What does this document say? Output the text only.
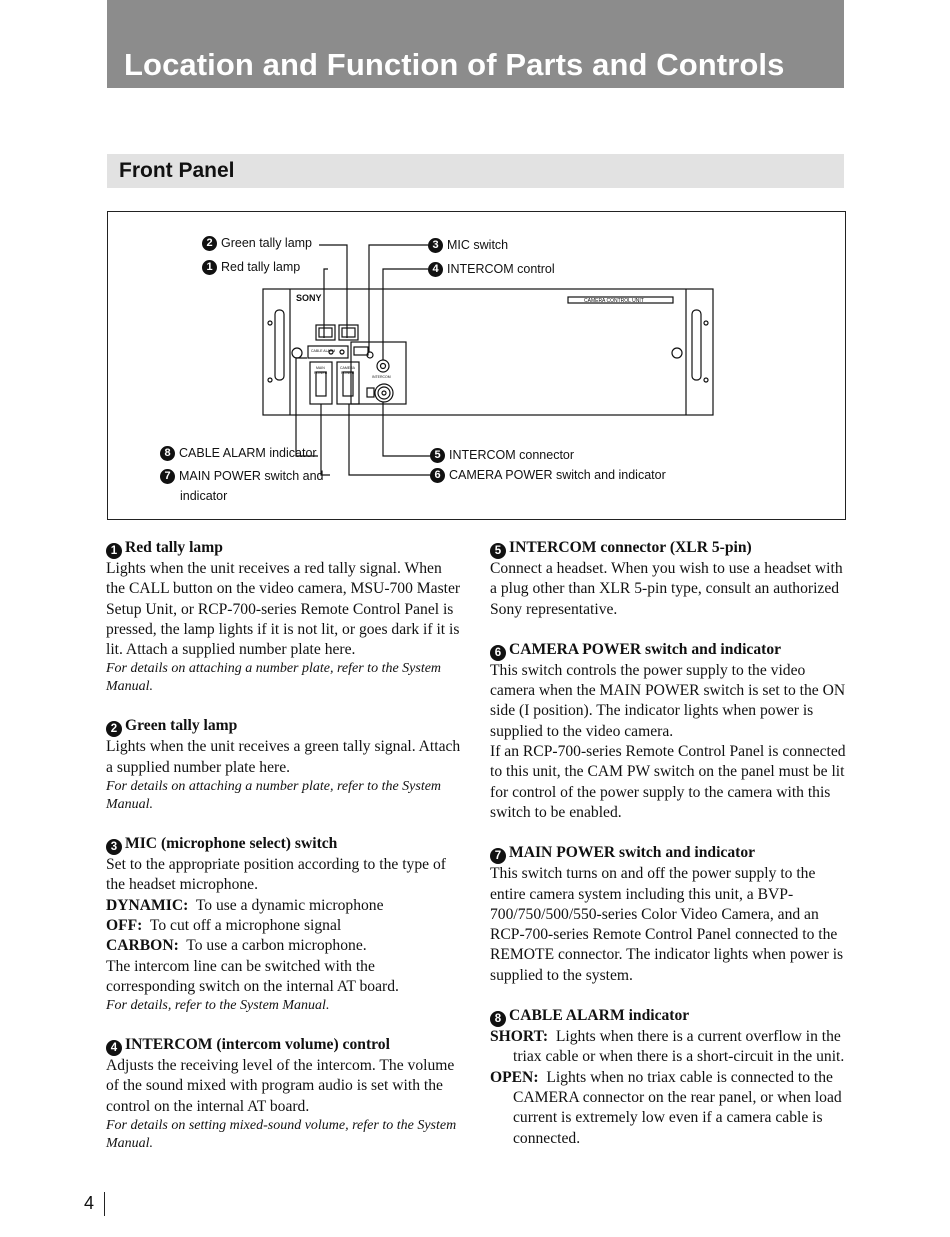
Location and Function of Parts and Controls
Front Panel
SONY	CAMERA CONTROL UNIT
CABLE ALARM
MAIN
POWER
CAMERA
POWER
INTERCOM
2 Green tally lamp
1 Red tally lamp
3 MIC switch
4 INTERCOM control
8 CABLE ALARM indicator
7 MAIN POWER switch and
indicator
5 INTERCOM connector
6 CAMERA POWER switch and indicator
1 Red tally lamp

Lights when the unit receives a red tally signal. When the CALL button on the video camera, MSU-700 Master Setup Unit, or RCP-700-series Remote Control Panel is pressed, the lamp lights if it is not lit, or goes dark if it is lit. Attach a supplied number plate here.

For details on attaching a number plate, refer to the System Manual.

2 Green tally lamp

Lights when the unit receives a green tally signal. Attach a supplied number plate here.

For details on attaching a number plate, refer to the System Manual.

3 MIC (microphone select) switch

Set to the appropriate position according to the type of the headset microphone.

DYNAMIC: To use a dynamic microphone

OFF: To cut off a microphone signal

CARBON: To use a carbon microphone.

The intercom line can be switched with the corresponding switch on the internal AT board.

For details, refer to the System Manual.

4 INTERCOM (intercom volume) control

Adjusts the receiving level of the intercom. The volume of the sound mixed with program audio is set with the control on the internal AT board.

For details on setting mixed-sound volume, refer to the System Manual.

5 INTERCOM connector (XLR 5-pin)

Connect a headset. When you wish to use a headset with a plug other than XLR 5-pin type, consult an authorized Sony representative.

6 CAMERA POWER switch and indicator

This switch controls the power supply to the video camera when the MAIN POWER switch is set to the ON side (I position). The indicator lights when power is supplied to the video camera.

If an RCP-700-series Remote Control Panel is connected to this unit, the CAM PW switch on the panel must be lit for control of the power supply to the camera with this switch to be enabled.

7 MAIN POWER switch and indicator

This switch turns on and off the power supply to the entire camera system including this unit, a BVP-700/750/500/550-series Color Video Camera, and an RCP-700-series Remote Control Panel connected to the REMOTE connector. The indicator lights when power is supplied to the system.

8 CABLE ALARM indicator

SHORT: Lights when there is a current overflow in the triax cable or when there is a short-circuit in the unit.

OPEN: Lights when no triax cable is connected to the CAMERA connector on the rear panel, or when load current is extremely low even if a camera cable is connected.

4
